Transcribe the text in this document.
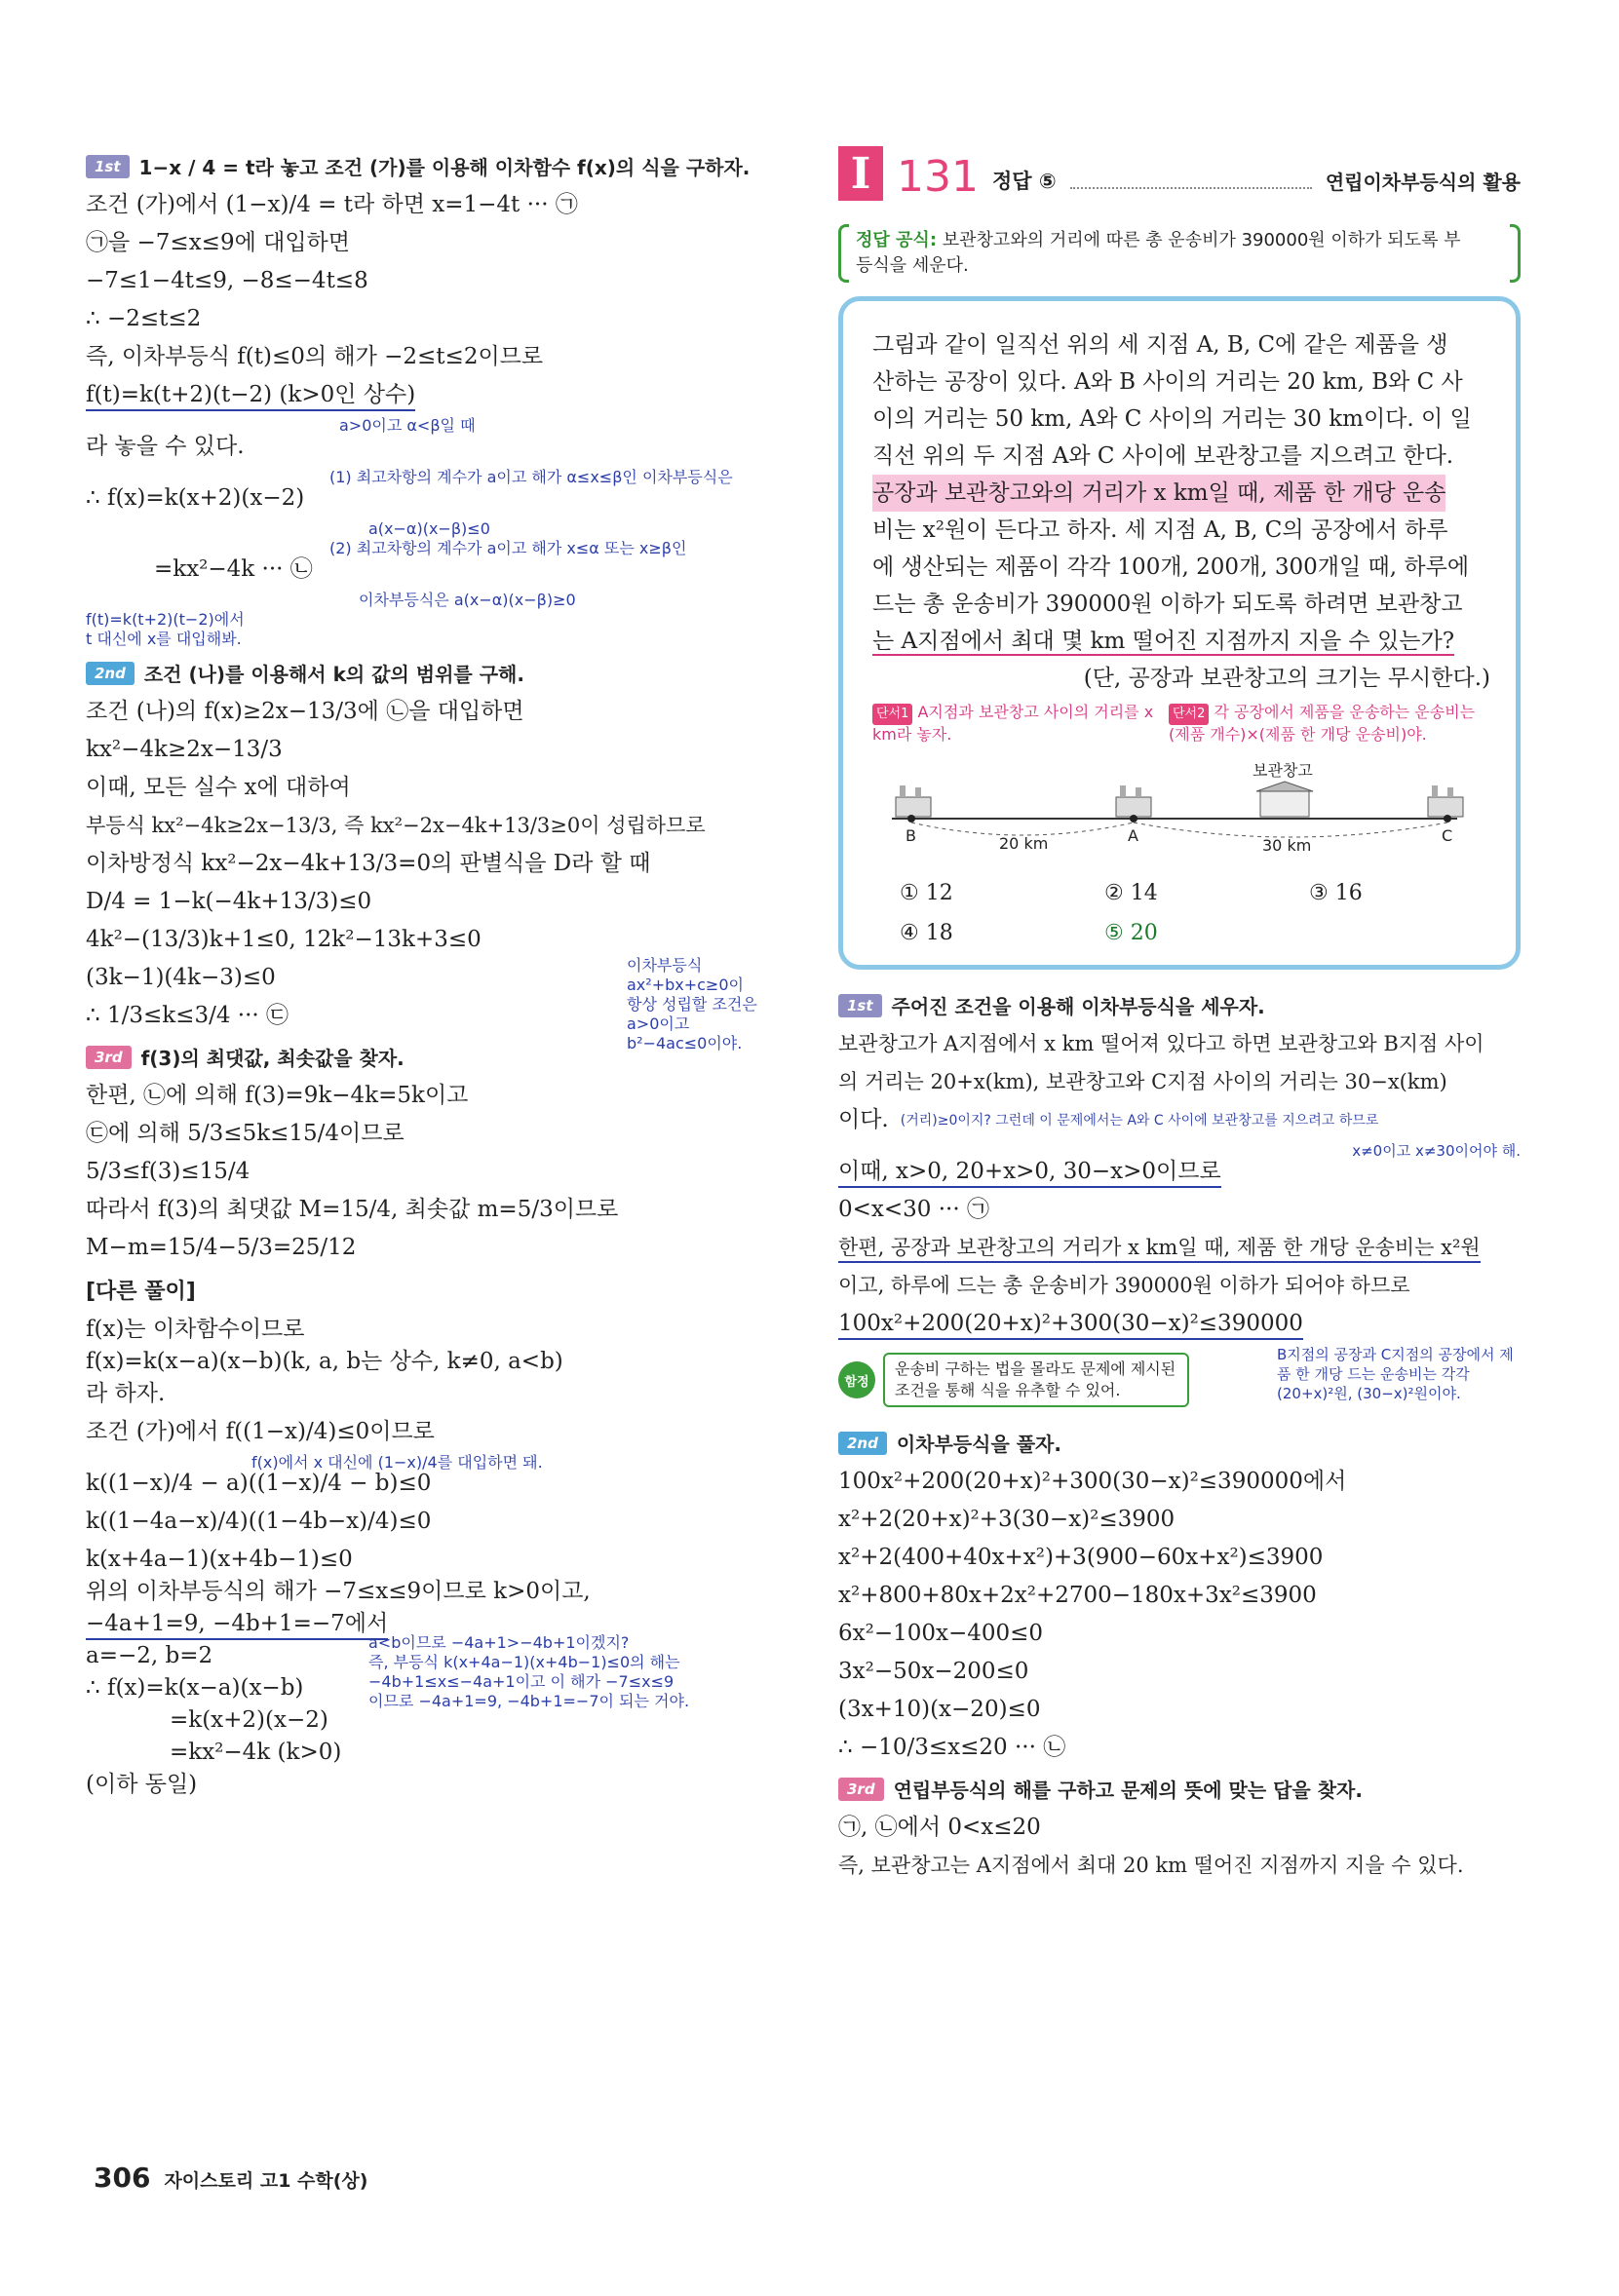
1st 1−x / 4 = t라 놓고 조건 (가)를 이용해 이차함수 f(x)의 식을 구하자.
조건 (가)에서 (1−x)/4 = t라 하면 x=1−4t ··· ㉠
㉠을 −7≤x≤9에 대입하면
−7≤1−4t≤9, −8≤−4t≤8
∴ −2≤t≤2
즉, 이차부등식 f(t)≤0의 해가 −2≤t≤2이므로
f(t)=k(t+2)(t−2) (k>0인 상수)
a>0이고 α<β일 때
라 놓을 수 있다.
(1) 최고차항의 계수가 a이고 해가 α≤x≤β인 이차부등식은
∴ f(x)=k(x+2)(x−2)
a(x−α)(x−β)≤0
(2) 최고차항의 계수가 a이고 해가 x≤α 또는 x≥β인
=kx²−4k ··· ㉡
이차부등식은 a(x−α)(x−β)≥0
f(t)=k(t+2)(t−2)에서
t 대신에 x를 대입해봐.
2nd 조건 (나)를 이용해서 k의 값의 범위를 구해.
조건 (나)의 f(x)≥2x−13/3에 ㉡을 대입하면
kx²−4k≥2x−13/3
이때, 모든 실수 x에 대하여
부등식 kx²−4k≥2x−13/3, 즉 kx²−2x−4k+13/3≥0이 성립하므로
이차방정식 kx²−2x−4k+13/3=0의 판별식을 D라 할 때
D/4 = 1−k(−4k+13/3)≤0
4k²−(13/3)k+1≤0, 12k²−13k+3≤0
(3k−1)(4k−3)≤0
∴ 1/3≤k≤3/4 ··· ㉢
이차부등식
ax²+bx+c≥0이
항상 성립할 조건은
a>0이고
b²−4ac≤0이야.
3rd f(3)의 최댓값, 최솟값을 찾자.
한편, ㉡에 의해 f(3)=9k−4k=5k이고
㉢에 의해 5/3≤5k≤15/4이므로
5/3≤f(3)≤15/4
따라서 f(3)의 최댓값 M=15/4, 최솟값 m=5/3이므로
M−m=15/4−5/3=25/12
[다른 풀이]
f(x)는 이차함수이므로
f(x)=k(x−a)(x−b)(k, a, b는 상수, k≠0, a<b)
라 하자.
조건 (가)에서 f((1−x)/4)≤0이므로
f(x)에서 x 대신에 (1−x)/4를 대입하면 돼.
k((1−x)/4 − a)((1−x)/4 − b)≤0
k((1−4a−x)/4)((1−4b−x)/4)≤0
k(x+4a−1)(x+4b−1)≤0
위의 이차부등식의 해가 −7≤x≤9이므로 k>0이고,
−4a+1=9, −4b+1=−7에서
a=−2, b=2
∴ f(x)=k(x−a)(x−b)
=k(x+2)(x−2)
=kx²−4k (k>0)
(이하 동일)
a<b이므로 −4a+1>−4b+1이겠지?
즉, 부등식 k(x+4a−1)(x+4b−1)≤0의 해는
−4b+1≤x≤−4a+1이고 이 해가 −7≤x≤9
이므로 −4a+1=9, −4b+1=−7이 되는 거야.
I 131 정답 ⑤	연립이차부등식의 활용
정답 공식: 보관창고와의 거리에 따른 총 운송비가 390000원 이하가 되도록 부
등식을 세운다.
그림과 같이 일직선 위의 세 지점 A, B, C에 같은 제품을 생
산하는 공장이 있다. A와 B 사이의 거리는 20 km, B와 C 사
이의 거리는 50 km, A와 C 사이의 거리는 30 km이다. 이 일
직선 위의 두 지점 A와 C 사이에 보관창고를 지으려고 한다.
공장과 보관창고와의 거리가 x km일 때, 제품 한 개당 운송
비는 x²원이 든다고 하자. 세 지점 A, B, C의 공장에서 하루
에 생산되는 제품이 각각 100개, 200개, 300개일 때, 하루에
드는 총 운송비가 390000원 이하가 되도록 하려면 보관창고
는 A지점에서 최대 몇 km 떨어진 지점까지 지을 수 있는가?
(단, 공장과 보관창고의 크기는 무시한다.)
단서1 A지점과 보관창고 사이의 거리를 x km라 놓자.
단서2 각 공장에서 제품을 운송하는 운송비는 (제품 개수)×(제품 한 개당 운송비)야.
보관창고
B	A	C
20 km	30 km
① 12	② 14	③ 16
④ 18	⑤ 20
1st 주어진 조건을 이용해 이차부등식을 세우자.
보관창고가 A지점에서 x km 떨어져 있다고 하면 보관창고와 B지점 사이
의 거리는 20+x(km), 보관창고와 C지점 사이의 거리는 30−x(km)
이다. (거리)≥0이지? 그런데 이 문제에서는 A와 C 사이에 보관창고를 지으려고 하므로
x≠0이고 x≠30이어야 해.
이때, x>0, 20+x>0, 30−x>0이므로
0<x<30 ··· ㉠
한편, 공장과 보관창고의 거리가 x km일 때, 제품 한 개당 운송비는 x²원
이고, 하루에 드는 총 운송비가 390000원 이하가 되어야 하므로
100x²+200(20+x)²+300(30−x)²≤390000
함정
운송비 구하는 법을 몰라도 문제에 제시된 조건을 통해 식을 유추할 수 있어.
B지점의 공장과 C지점의 공장에서 제품 한 개당 드는 운송비는 각각 (20+x)²원, (30−x)²원이야.
2nd 이차부등식을 풀자.
100x²+200(20+x)²+300(30−x)²≤390000에서
x²+2(20+x)²+3(30−x)²≤3900
x²+2(400+40x+x²)+3(900−60x+x²)≤3900
x²+800+80x+2x²+2700−180x+3x²≤3900
6x²−100x−400≤0
3x²−50x−200≤0
(3x+10)(x−20)≤0
∴ −10/3≤x≤20 ··· ㉡
3rd 연립부등식의 해를 구하고 문제의 뜻에 맞는 답을 찾자.
㉠, ㉡에서 0<x≤20
즉, 보관창고는 A지점에서 최대 20 km 떨어진 지점까지 지을 수 있다.
306 자이스토리 고1 수학(상)
